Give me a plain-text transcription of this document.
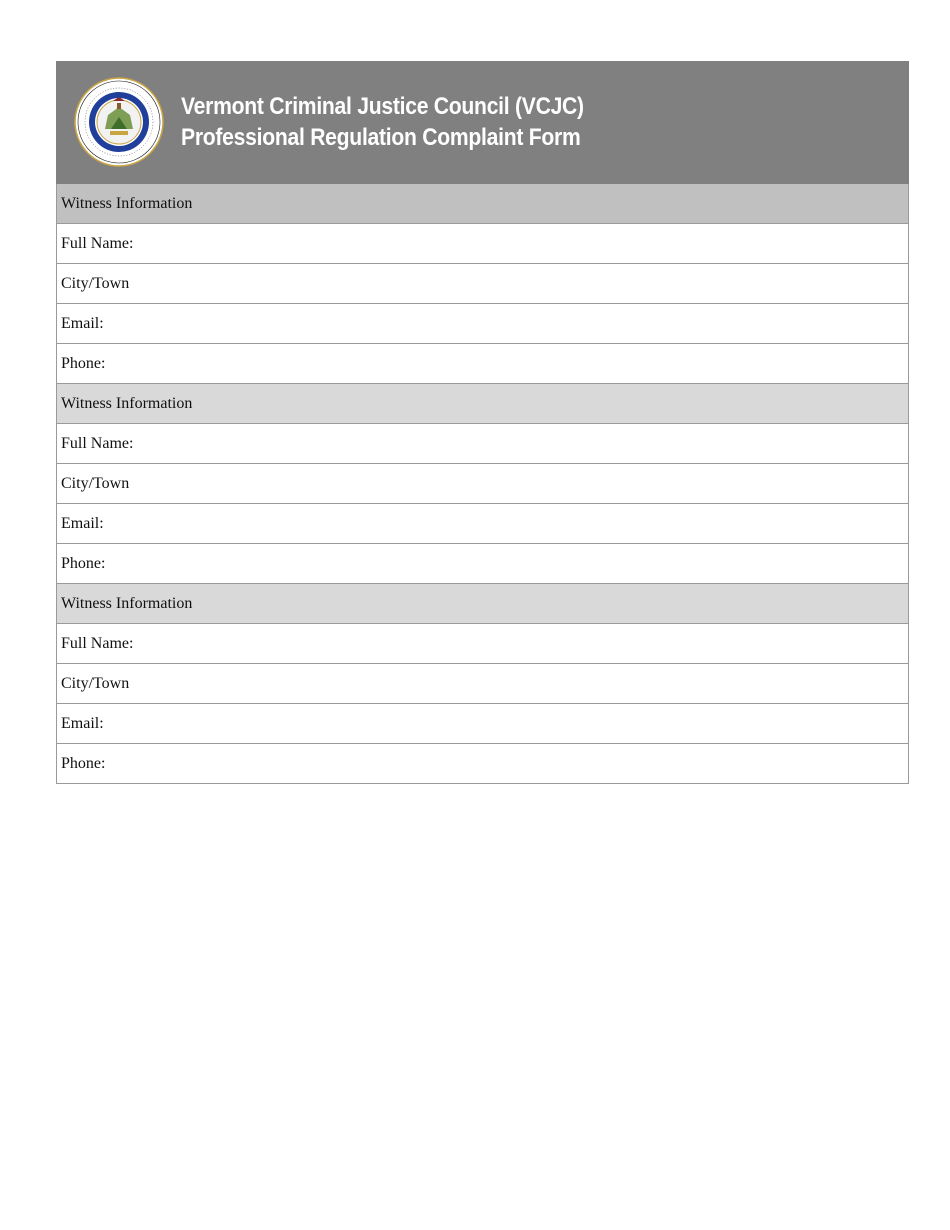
Vermont Criminal Justice Council (VCJC)
Professional Regulation Complaint Form
Witness Information
Full Name:
City/Town
Email:
Phone:
Witness Information
Full Name:
City/Town
Email:
Phone:
Witness Information
Full Name:
City/Town
Email:
Phone:
